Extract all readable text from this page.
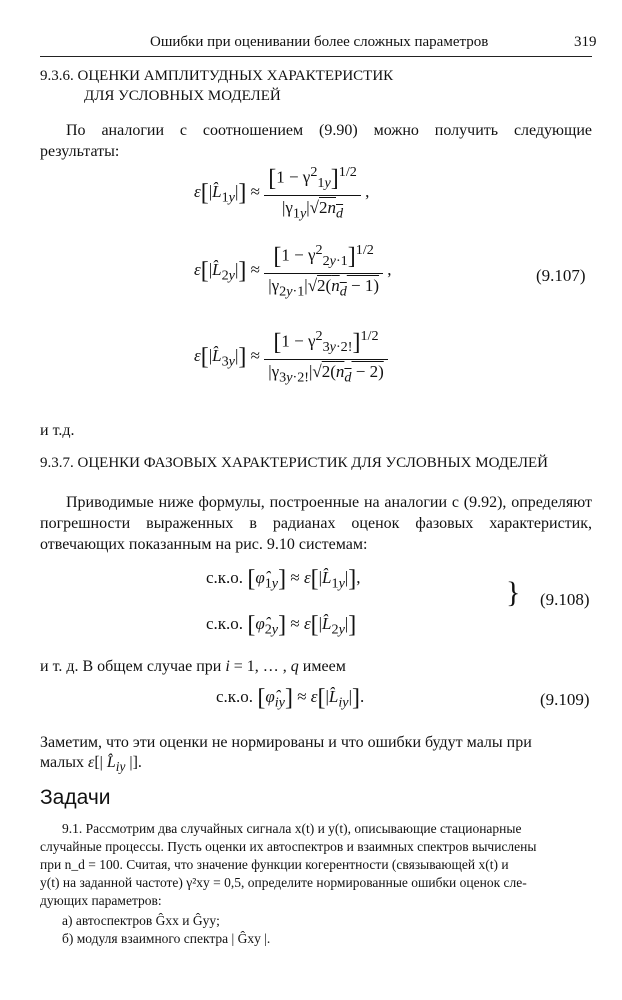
Ошибки при оценивании более сложных параметров	319
9.3.6. ОЦЕНКИ АМПЛИТУДНЫХ ХАРАКТЕРИСТИК
ДЛЯ УСЛОВНЫХ МОДЕЛЕЙ
По аналогии с соотношением (9.90) можно получить следующие результаты:
$\varepsilon[|L̂_{1y}|] \approx \frac{[1 - \gamma^2_{1y}]^{1/2}}{|\gamma_{1y}|√2n_d}$ ,
$\varepsilon[|L̂_{2y}|] \approx \frac{[1 - \gamma^2_{2y\cdot 1}]^{1/2}}{|\gamma_{2y\cdot 1}|√2(n_d - 1)}$ ,	(9.107)
$\varepsilon[|L̂_{3y}|] \approx \frac{[1 - \gamma^2_{3y\cdot 2!}]^{1/2}}{|\gamma_{3y\cdot 2!}|√2(n_d - 2)}$
и т.д.
9.3.7. ОЦЕНКИ ФАЗОВЫХ ХАРАКТЕРИСТИК ДЛЯ УСЛОВНЫХ МОДЕЛЕЙ
Приводимые ниже формулы, построенные на аналогии с (9.92), определяют погрешности выраженных в радианах оценок фазовых характеристик, отвечающих показанным на рис. 9.10 системам:
с.к.о. $[\varphî_{1y}]$ ≈ $\varepsilon[|L̂_{1y}|]$,
с.к.о. $[\varphî_{2y}]$ ≈ $\varepsilon[|L̂_{2y}|]$
} (9.108)
и т. д. В общем случае при i = 1, … , q имеем
с.к.о. $[\varphî_{iy}]$ ≈ $\varepsilon[|L̂_{iy}|]$.	(9.109)
Заметим, что эти оценки не нормированы и что ошибки будут малы при
малых ε[| $L̂_{iy}$ |].
Задачи
9.1. Рассмотрим два случайных сигнала x(t) и y(t), описывающие стационарные
случайные процессы. Пусть оценки их автоспектров и взаимных спектров вычислены
при n_d = 100. Считая, что значение функции когерентности (связывающей x(t) и
y(t) на заданной частоте) γ²xy = 0,5, определите нормированные ошибки оценок сле-
дующих параметров:
а) автоспектров Ĝxx и Ĝyy;
б) модуля взаимного спектра | Ĝxy |.
